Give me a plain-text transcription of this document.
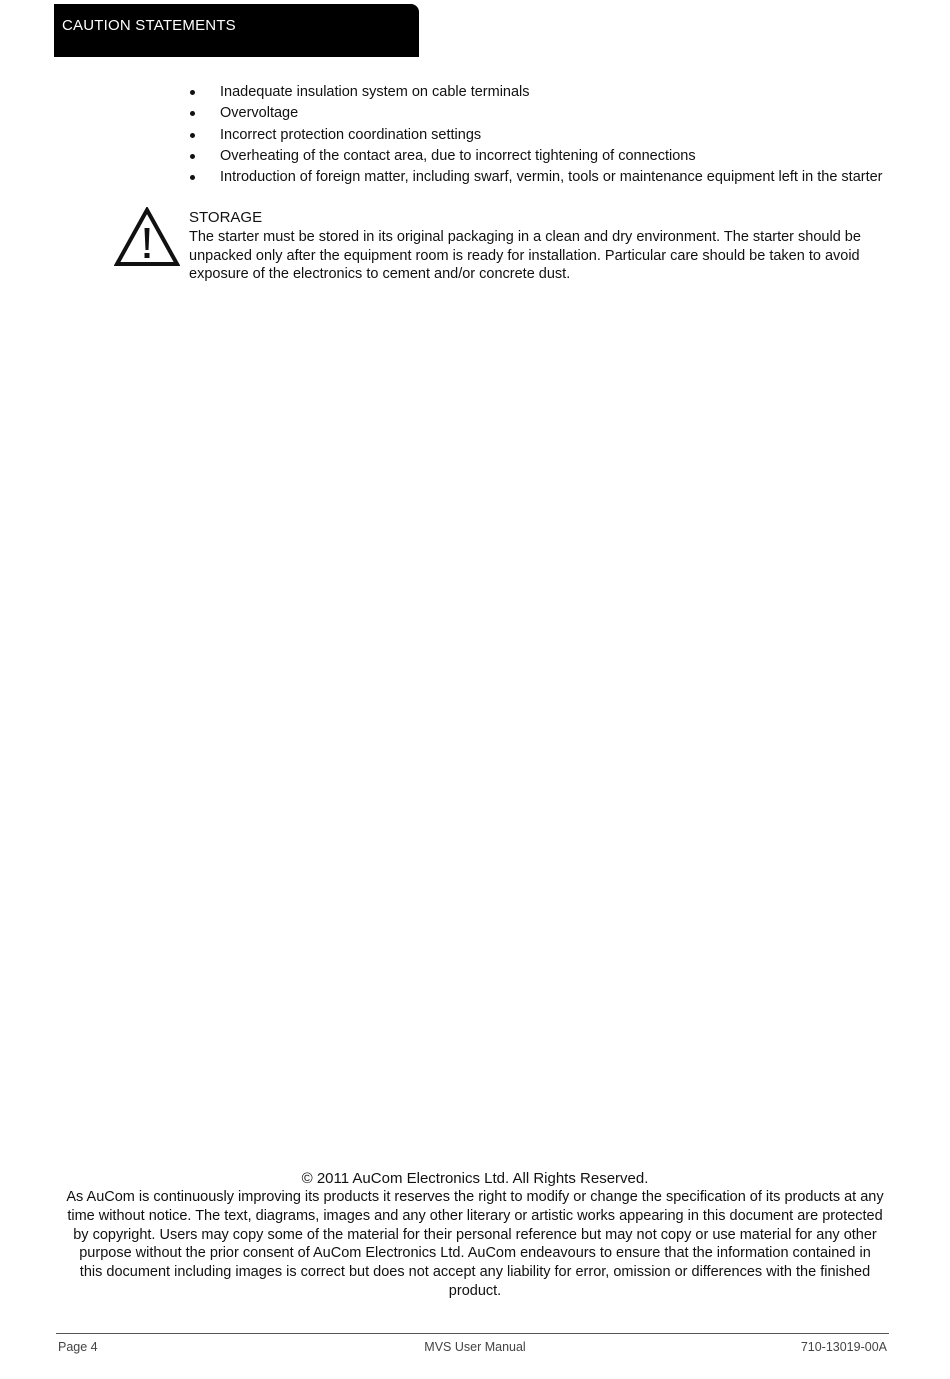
CAUTION STATEMENTS
Inadequate insulation system on cable terminals
Overvoltage
Incorrect protection coordination settings
Overheating of the contact area, due to incorrect tightening of connections
Introduction of foreign matter, including swarf, vermin, tools or maintenance equipment left in the starter
STORAGE
The starter must be stored in its original packaging in a clean and dry environment. The starter should be
unpacked only after the equipment room is ready for installation. Particular care should be taken to avoid
exposure of the electronics to cement and/or concrete dust.
© 2011 AuCom Electronics Ltd. All Rights Reserved.
As AuCom is continuously improving its products it reserves the right to modify or change the specification of its products at any
time without notice. The text, diagrams, images and any other literary or artistic works appearing in this document are protected
by copyright. Users may copy some of the material for their personal reference but may not copy or use material for any other
purpose without the prior consent of AuCom Electronics Ltd. AuCom endeavours to ensure that the information contained in
this document including images is correct but does not accept any liability for error, omission or differences with the finished
product.
Page 4	MVS User Manual	710-13019-00A
